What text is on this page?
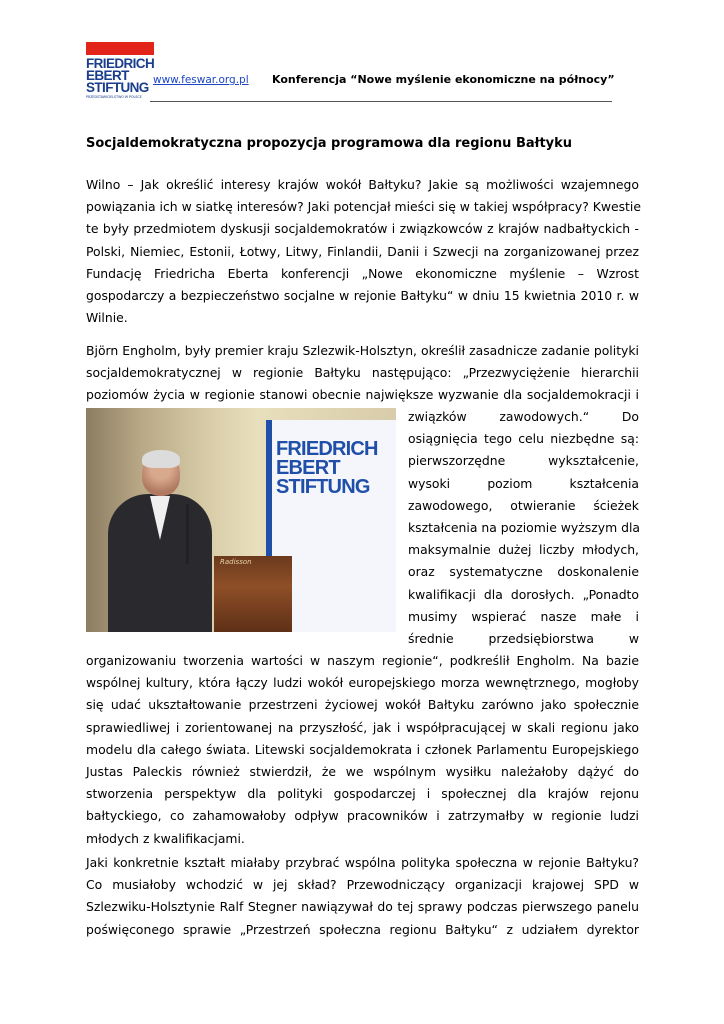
FRIEDRICH
EBERT
STIFTUNG
PRZEDSTAWICIELSTWO W POLSCE
www.feswar.org.pl Konferencja “Nowe myślenie ekonomiczne na północy”
Socjaldemokratyczna propozycja programowa dla regionu Bałtyku
Wilno – Jak określić interesy krajów wokół Bałtyku? Jakie są możliwości wzajemnego
powiązania ich w siatkę interesów? Jaki potencjał mieści się w takiej współpracy? Kwestie
te były przedmiotem dyskusji socjaldemokratów i związkowców z krajów nadbałtyckich -
Polski, Niemiec, Estonii, Łotwy, Litwy, Finlandii, Danii i Szwecji na zorganizowanej przez
Fundację Friedricha Eberta konferencji „Nowe ekonomiczne myślenie – Wzrost
gospodarczy a bezpieczeństwo socjalne w rejonie Bałtyku“ w dniu 15 kwietnia 2010 r. w
Wilnie.
Björn Engholm, były premier kraju Szlezwik-Holsztyn, określił zasadnicze zadanie polityki
socjaldemokratycznej w regionie Bałtyku następująco: „Przezwyciężenie hierarchii
poziomów życia w regionie stanowi obecnie największe wyzwanie dla socjaldemokracji i
FRIEDRICH
EBERT
STIFTUNG
Radisson
związków zawodowych.“ Do
osiągnięcia tego celu niezbędne są:
pierwszorzędne wykształcenie,
wysoki poziom kształcenia
zawodowego, otwieranie ścieżek
kształcenia na poziomie wyższym dla
maksymalnie dużej liczby młodych,
oraz systematyczne doskonalenie
kwalifikacji dla dorosłych. „Ponadto
musimy wspierać nasze małe i
średnie przedsiębiorstwa w
organizowaniu tworzenia wartości w naszym regionie“, podkreślił Engholm. Na bazie
wspólnej kultury, która łączy ludzi wokół europejskiego morza wewnętrznego, mogłoby
się udać ukształtowanie przestrzeni życiowej wokół Bałtyku zarówno jako społecznie
sprawiedliwej i zorientowanej na przyszłość, jak i współpracującej w skali regionu jako
modelu dla całego świata. Litewski socjaldemokrata i członek Parlamentu Europejskiego
Justas Paleckis również stwierdził, że we wspólnym wysiłku należałoby dążyć do
stworzenia perspektyw dla polityki gospodarczej i społecznej dla krajów rejonu
bałtyckiego, co zahamowałoby odpływ pracowników i zatrzymałby w regionie ludzi
młodych z kwalifikacjami.
Jaki konkretnie kształt miałaby przybrać wspólna polityka społeczna w rejonie Bałtyku?
Co musiałoby wchodzić w jej skład? Przewodniczący organizacji krajowej SPD w
Szlezwiku-Holsztynie Ralf Stegner nawiązywał do tej sprawy podczas pierwszego panelu
poświęconego sprawie „Przestrzeń społeczna regionu Bałtyku“ z udziałem dyrektor
